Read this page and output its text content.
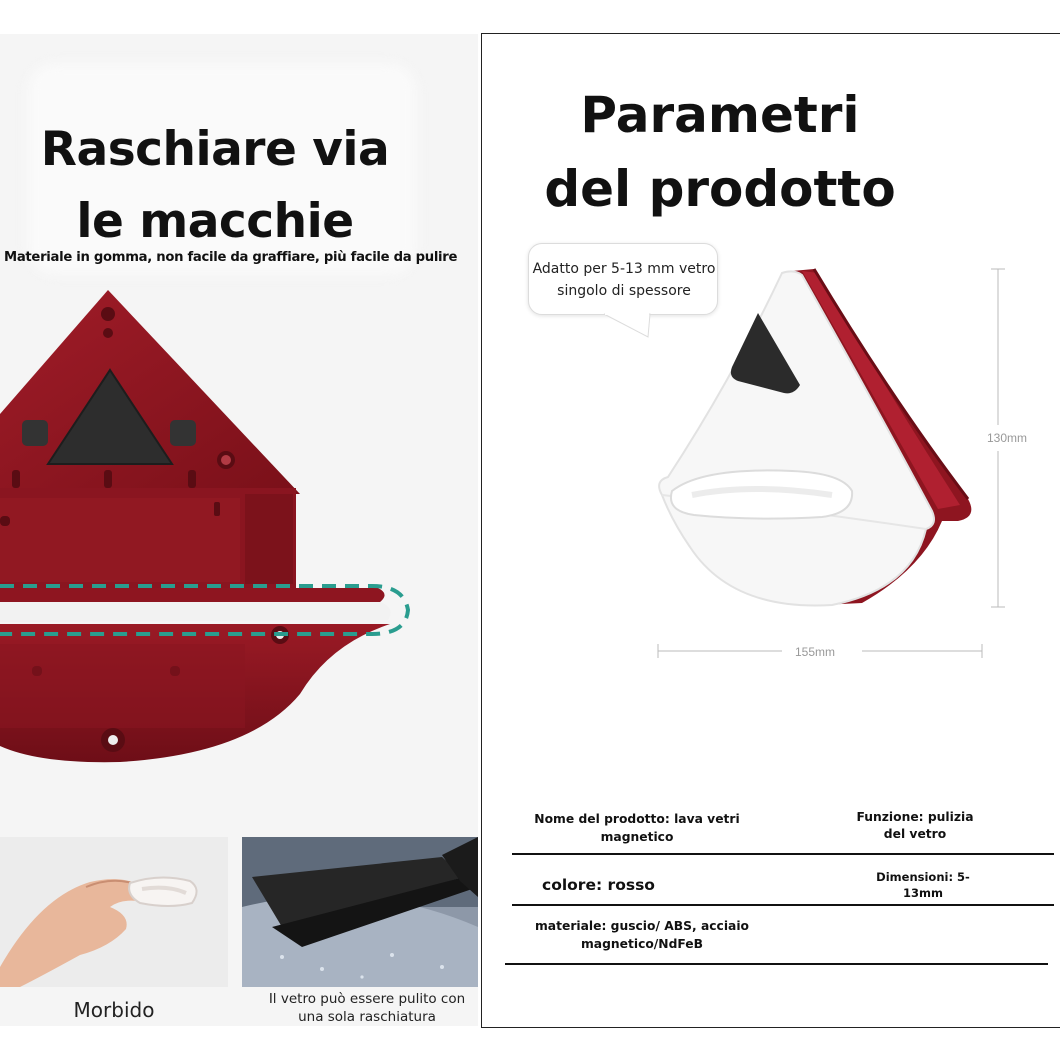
Raschiare via
le macchie
Materiale in gomma, non facile da graffiare, più facile da pulire
Morbido	Il vetro può essere pulito con una sola raschiatura
Parametri
del prodotto
Adatto per 5-13 mm vetro singolo di spessore
130mm
155mm
Nome del prodotto: lava vetri magnetico
Funzione: pulizia del vetro
colore: rosso	Dimensioni: 5-13mm
materiale: guscio/ ABS, acciaio magnetico/NdFeB
